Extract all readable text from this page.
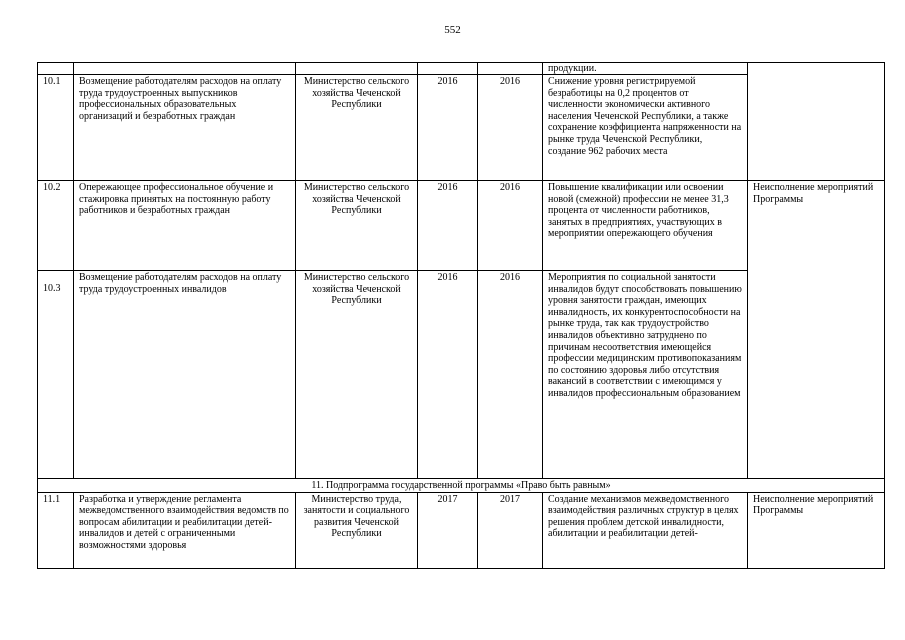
552
					продукции.	
10.1	Возмещение работодателям расходов на оплату труда трудоустроенных выпускников профессиональных образовательных организаций и безработных граждан	Министерство сельского хозяйства Чеченской Республики	2016	2016	Снижение уровня регистрируемой безработицы на 0,2 процентов от численности экономически активного населения Чеченской Республики, а также сохранение коэффициента напряженности на рынке труда Чеченской Республики, создание 962 рабочих места	
10.2	Опережающее профессиональное обучение и стажировка принятых на постоянную работу работников и безработных граждан	Министерство сельского хозяйства Чеченской Республики	2016	2016	Повышение квалификации или освоении новой (смежной) профессии не менее 31,3 процента от численности работников, занятых в предприятиях, участвующих в мероприятии опережающего обучения	Неисполнение мероприятий Программы
10.3	Возмещение работодателям расходов на оплату труда трудоустроенных инвалидов	Министерство сельского хозяйства Чеченской Республики	2016	2016	Мероприятия по социальной занятости инвалидов будут способствовать повышению уровня занятости граждан, имеющих инвалидность, их конкурентоспособности на рынке труда, так как трудоустройство инвалидов объективно затруднено по причинам несоответствия имеющейся профессии медицинским противопоказаниям по состоянию здоровья либо отсутствия вакансий в соответствии с имеющимся у инвалидов профессиональным образованием	
11. Подпрограмма государственной программы «Право быть равным»						
11.1	Разработка и утверждение регламента межведомственного взаимодействия ведомств по вопросам абилитации и реабилитации детей-инвалидов и детей с ограниченными возможностями здоровья	Министерство труда, занятости и социального развития Чеченской Республики	2017	2017	Создание механизмов межведомственного взаимодействия различных структур в целях решения проблем детской инвалидности, абилитации и реабилитации детей-	Неисполнение мероприятий Программы
